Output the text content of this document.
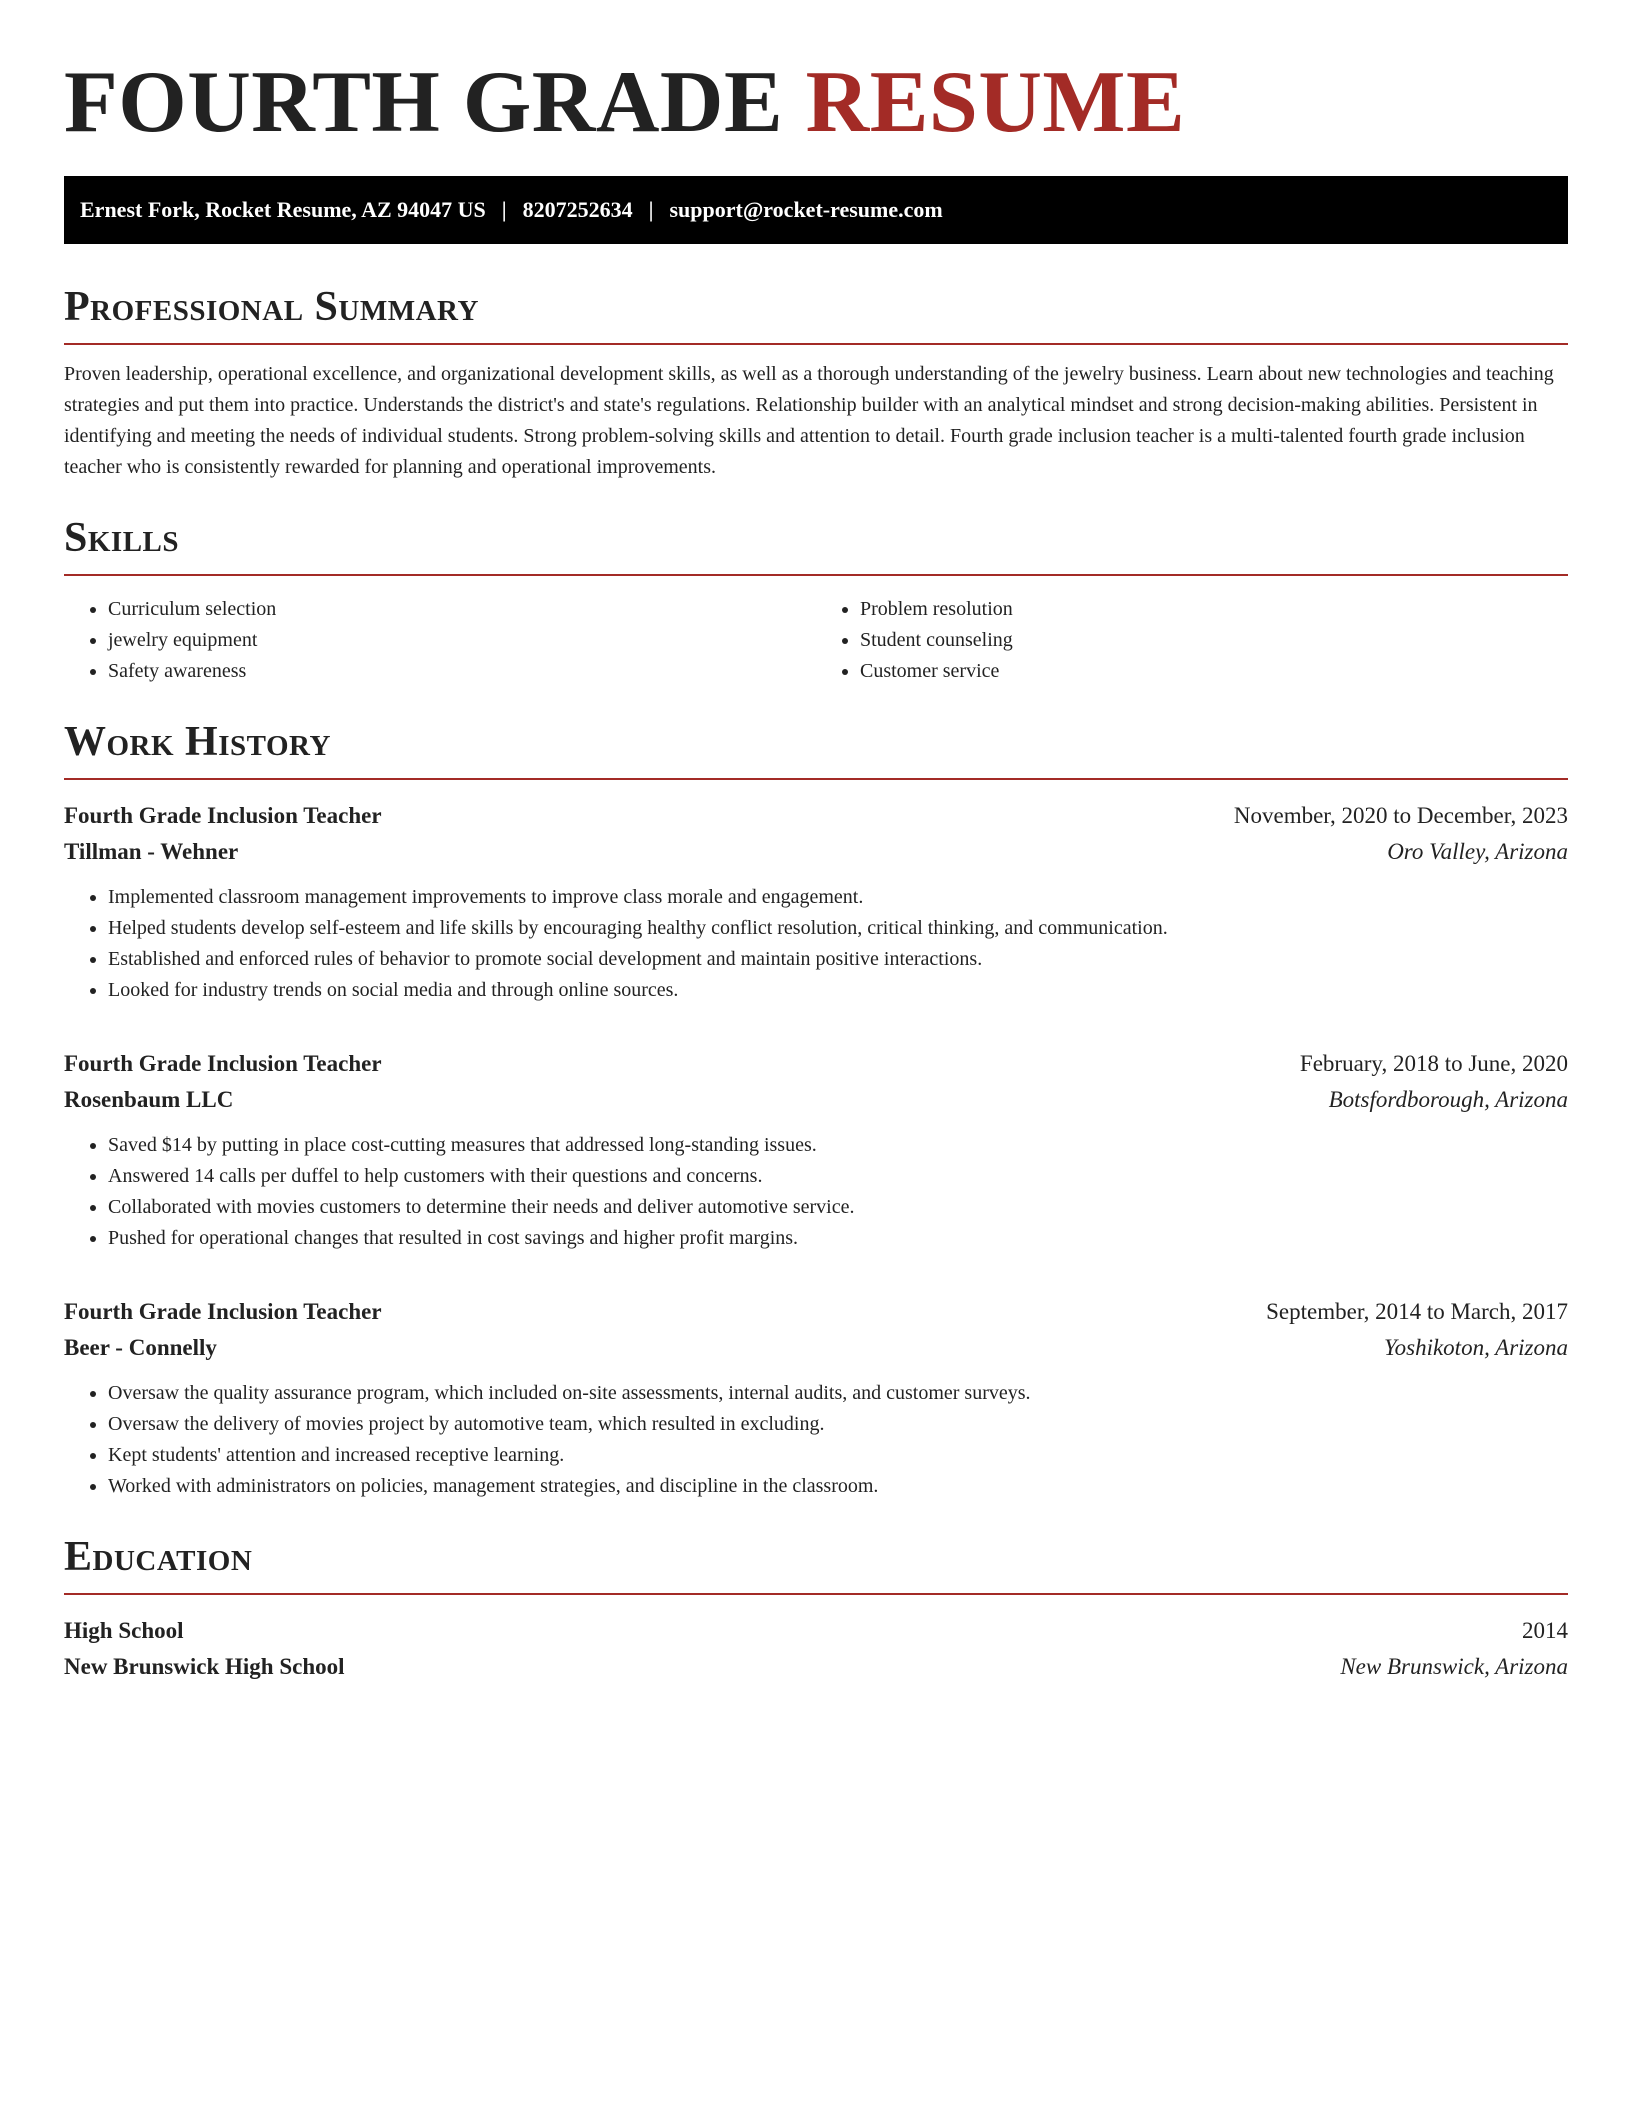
FOURTH GRADE RESUME
Ernest Fork, Rocket Resume, AZ 94047 US | 8207252634 | support@rocket-resume.com
Professional Summary

Proven leadership, operational excellence, and organizational development skills, as well as a thorough understanding of the jewelry business. Learn about new technologies and teaching strategies and put them into practice. Understands the district's and state's regulations. Relationship builder with an analytical mindset and strong decision-making abilities. Persistent in identifying and meeting the needs of individual students. Strong problem-solving skills and attention to detail. Fourth grade inclusion teacher is a multi-talented fourth grade inclusion teacher who is consistently rewarded for planning and operational improvements.

Skills
• Curriculum selection
• jewelry equipment
• Safety awareness
• Problem resolution
• Student counseling
• Customer service
Work History
Fourth Grade Inclusion Teacher	November, 2020 to December, 2023
Tillman - Wehner	Oro Valley, Arizona
• Implemented classroom management improvements to improve class morale and engagement.
• Helped students develop self-esteem and life skills by encouraging healthy conflict resolution, critical thinking, and communication.
• Established and enforced rules of behavior to promote social development and maintain positive interactions.
• Looked for industry trends on social media and through online sources.
Fourth Grade Inclusion Teacher	February, 2018 to June, 2020
Rosenbaum LLC	Botsfordborough, Arizona
• Saved $14 by putting in place cost-cutting measures that addressed long-standing issues.
• Answered 14 calls per duffel to help customers with their questions and concerns.
• Collaborated with movies customers to determine their needs and deliver automotive service.
• Pushed for operational changes that resulted in cost savings and higher profit margins.
Fourth Grade Inclusion Teacher	September, 2014 to March, 2017
Beer - Connelly	Yoshikoton, Arizona
• Oversaw the quality assurance program, which included on-site assessments, internal audits, and customer surveys.
• Oversaw the delivery of movies project by automotive team, which resulted in excluding.
• Kept students' attention and increased receptive learning.
• Worked with administrators on policies, management strategies, and discipline in the classroom.
Education
High School	2014
New Brunswick High School	New Brunswick, Arizona
